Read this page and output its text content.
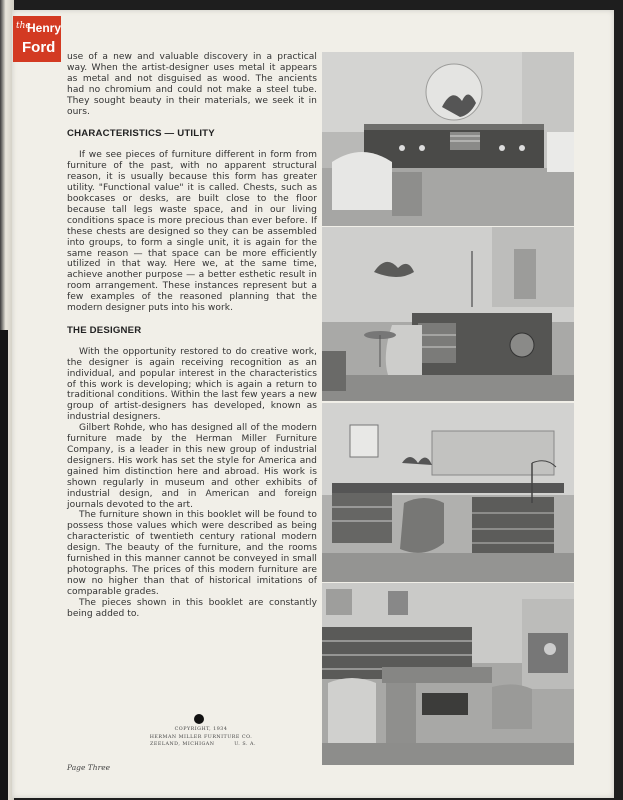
the
Henry
Ford

use of a new and valuable discovery in a practical way. When the artist-designer uses metal it appears as metal and not disguised as wood. The ancients had no chromium and could not make a steel tube. They sought beauty in their materials, we seek it in ours.

CHARACTERISTICS — UTILITY

If we see pieces of furniture different in form from furniture of the past, with no apparent structural reason, it is usually because this form has greater utility. "Functional value" it is called. Chests, such as bookcases or desks, are built close to the floor because tall legs waste space, and in our living conditions space is more precious than ever before. If these chests are designed so they can be assembled into groups, to form a single unit, it is again for the same reason — that space can be more efficiently utilized in that way. Here we, at the same time, achieve another purpose — a better esthetic result in room arrangement. These instances represent but a few examples of the reasoned planning that the modern designer puts into his work.

THE DESIGNER

With the opportunity restored to do creative work, the designer is again receiving recognition as an individual, and popular interest in the characteristics of this work is developing; which is again a return to traditional conditions. Within the last few years a new group of artist-designers has developed, known as industrial designers.

Gilbert Rohde, who has designed all of the modern furniture made by the Herman Miller Furniture Company, is a leader in this new group of industrial designers. His work has set the style for America and gained him distinction here and abroad. His work is shown regularly in museum and other exhibits of industrial design, and in American and foreign journals devoted to the art.

The furniture shown in this booklet will be found to possess those values which were described as being characteristic of twentieth century rational modern design. The beauty of the furniture, and the rooms furnished in this manner cannot be conveyed in small photographs. The prices of this modern furniture are now no higher than that of historical imitations of comparable grades.

The pieces shown in this booklet are constantly being added to.

COPYRIGHT, 1934
HERMAN MILLER FURNITURE CO.
ZEELAND, MICHIGAN	U. S. A.
Page Three
